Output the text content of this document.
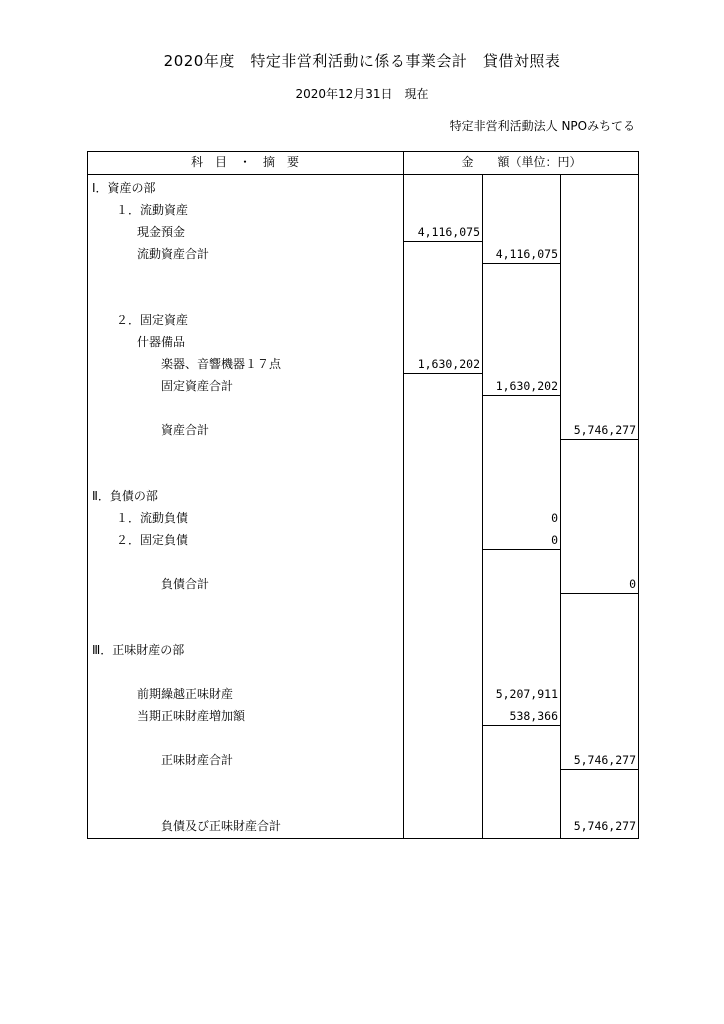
2020年度　特定非営利活動に係る事業会計　貸借対照表
2020年12月31日　現在
特定非営利活動法人 NPOみちてる
科　目　・　摘　要	金　　額（単位：円）
Ⅰ．資産の部
１．流動資産
現金預金	4,116,075
流動資産合計	4,116,075
２．固定資産
什器備品
楽器、音響機器１７点	1,630,202
固定資産合計	1,630,202
資産合計	5,746,277
Ⅱ．負債の部
１．流動負債	0
２．固定負債	0
負債合計	0
Ⅲ．正味財産の部
前期繰越正味財産	5,207,911
当期正味財産増加額	538,366
正味財産合計	5,746,277
負債及び正味財産合計	5,746,277
